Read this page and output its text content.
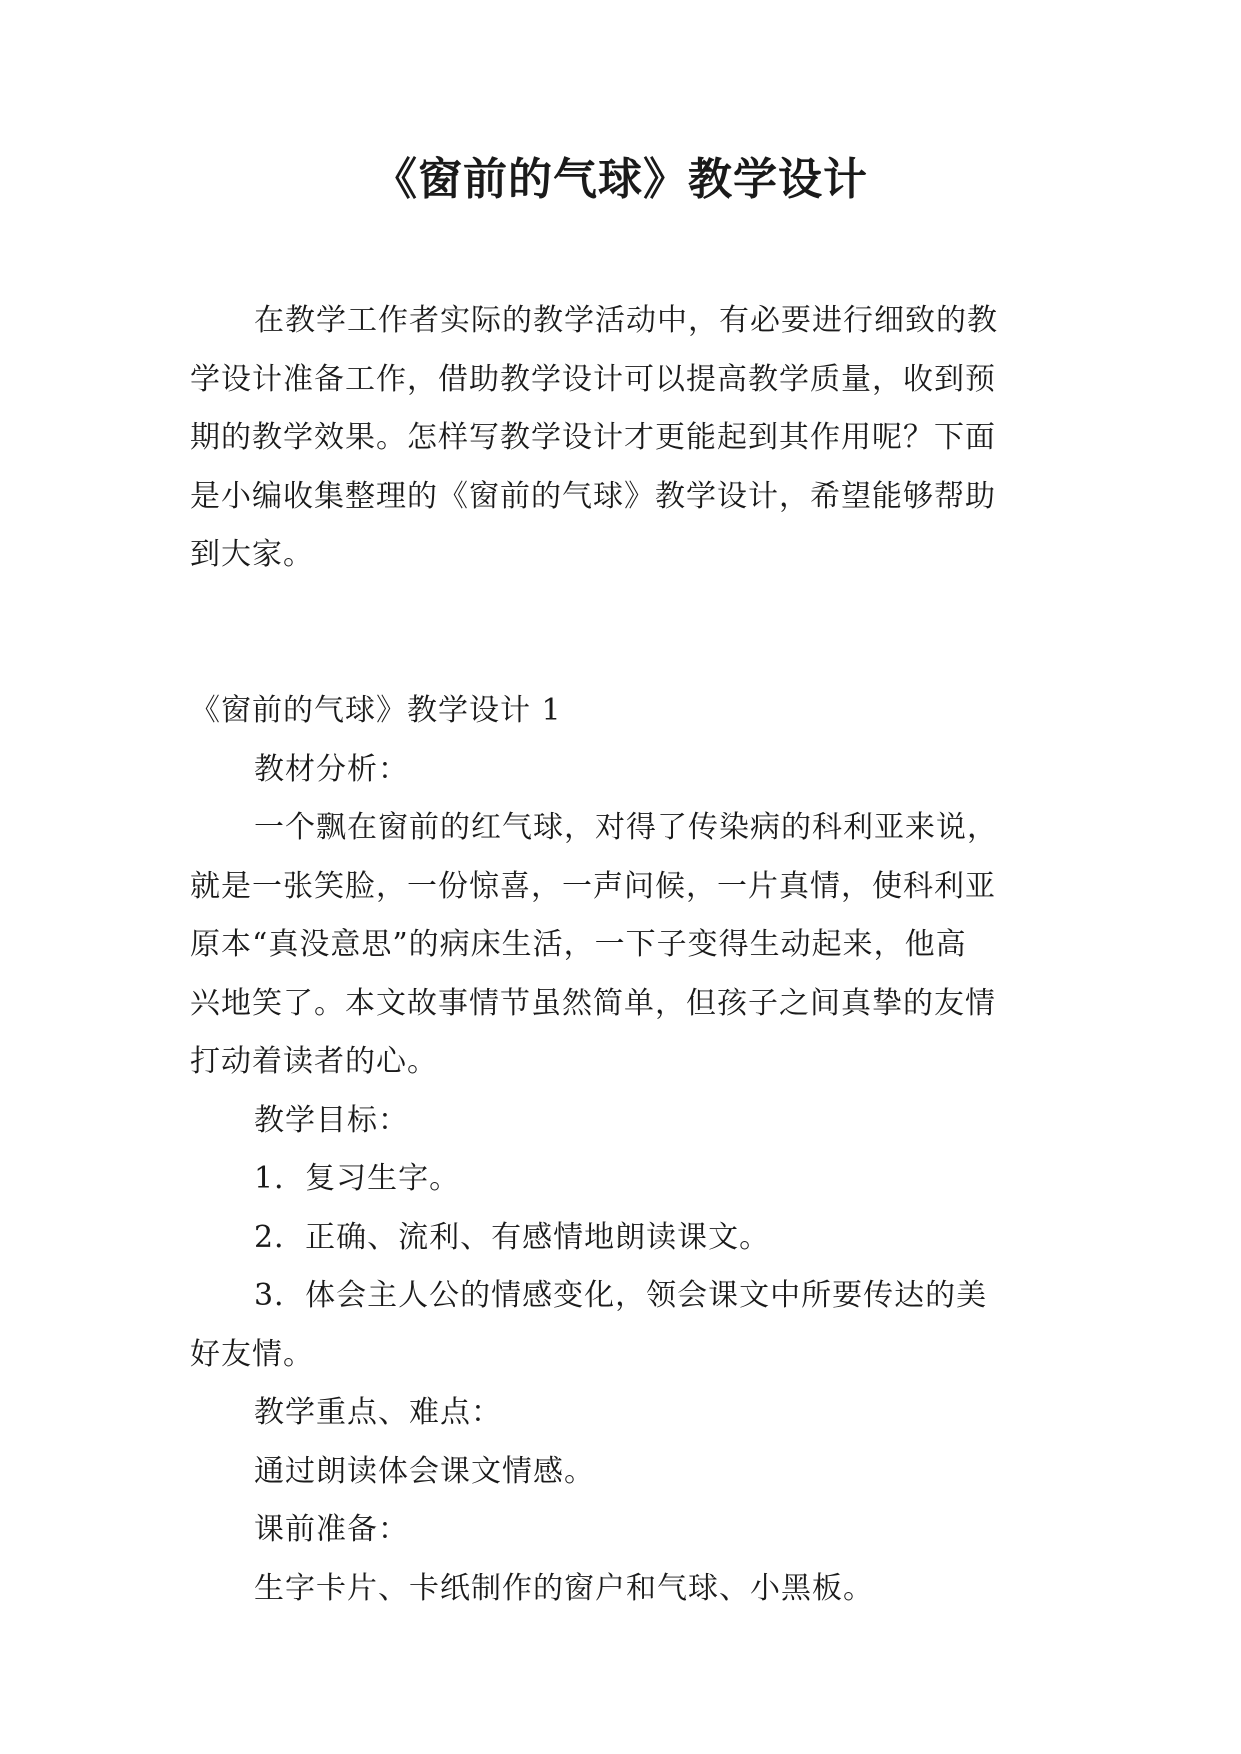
《窗前的气球》教学设计

在教学工作者实际的教学活动中，有必要进行细致的教

学设计准备工作，借助教学设计可以提高教学质量，收到预

期的教学效果。怎样写教学设计才更能起到其作用呢？下面

是小编收集整理的《窗前的气球》教学设计，希望能够帮助

到大家。

《窗前的气球》教学设计 1

教材分析：

一个飘在窗前的红气球，对得了传染病的科利亚来说，

就是一张笑脸，一份惊喜，一声问候，一片真情，使科利亚

原本“真没意思”的病床生活，一下子变得生动起来，他高

兴地笑了。本文故事情节虽然简单，但孩子之间真挚的友情

打动着读者的心。

教学目标：

1．复习生字。

2．正确、流利、有感情地朗读课文。

3．体会主人公的情感变化，领会课文中所要传达的美

好友情。

教学重点、难点：

通过朗读体会课文情感。

课前准备：

生字卡片、卡纸制作的窗户和气球、小黑板。
